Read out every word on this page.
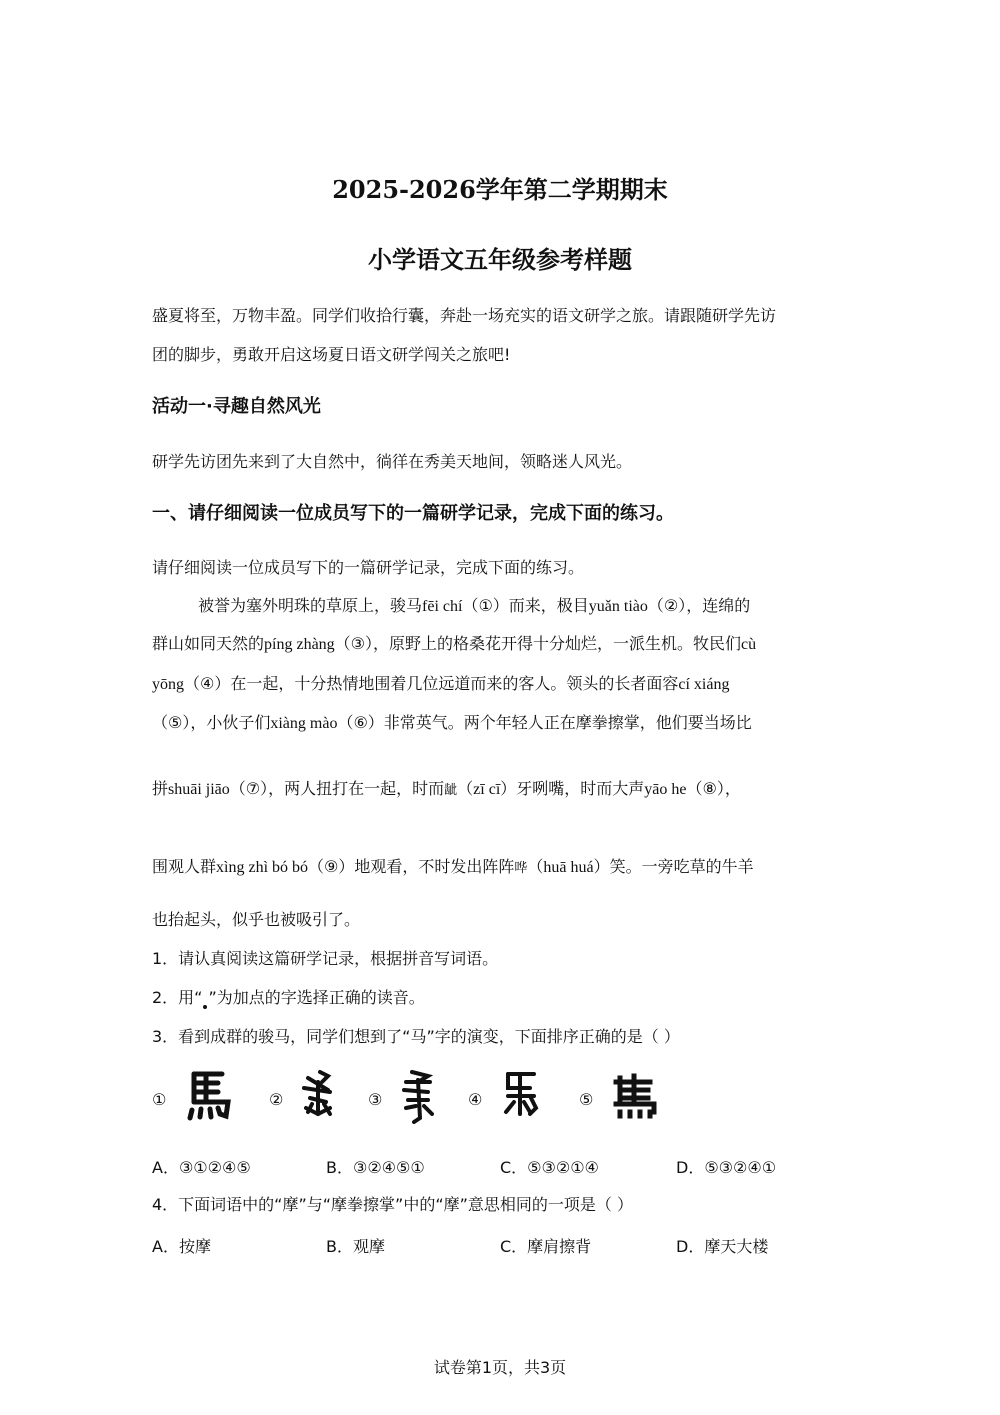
2025-2026学年第二学期期末
小学语文五年级参考样题
盛夏将至，万物丰盈。同学们收拾行囊，奔赴一场充实的语文研学之旅。请跟随研学先访
团的脚步，勇敢开启这场夏日语文研学闯关之旅吧!
活动一·寻趣自然风光
研学先访团先来到了大自然中，徜徉在秀美天地间，领略迷人风光。
一、请仔细阅读一位成员写下的一篇研学记录，完成下面的练习。
请仔细阅读一位成员写下的一篇研学记录，完成下面的练习。
被誉为塞外明珠的草原上，骏马fēi chí（①）而来，极目yuǎn tiào（②），连绵的
群山如同天然的píng zhàng（③），原野上的格桑花开得十分灿烂，一派生机。牧民们cù
yōng（④）在一起，十分热情地围着几位远道而来的客人。领头的长者面容cí xiáng
（⑤），小伙子们xiàng mào（⑥）非常英气。两个年轻人正在摩拳擦掌，他们要当场比
拼shuāi jiāo（⑦），两人扭打在一起，时而龇（zī cī）牙咧嘴，时而大声yāo he（⑧），
围观人群xìng zhì bó bó（⑨）地观看，不时发出阵阵哗（huā huá）笑。一旁吃草的牛羊
也抬起头，似乎也被吸引了。
1．请认真阅读这篇研学记录，根据拼音写词语。
2．用“ ”为加点的字选择正确的读音。
3．看到成群的骏马，同学们想到了“马”字的演变，下面排序正确的是（ ）
①	②	③	④	⑤
A．③①②④⑤	B．③②④⑤①	C．⑤③②①④	D．⑤③②④①
4．下面词语中的“摩”与“摩拳擦掌”中的“摩”意思相同的一项是（ ）
A．按摩	B．观摩	C．摩肩擦背	D．摩天大楼
试卷第1页，共3页
